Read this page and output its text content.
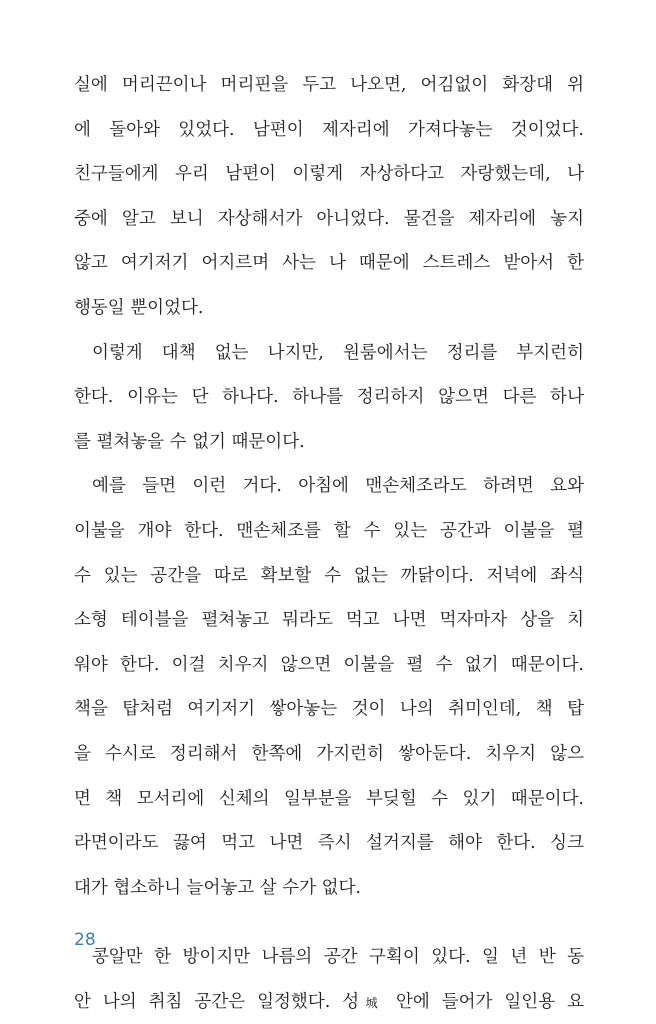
실에 머리끈이나 머리핀을 두고 나오면, 어김없이 화장대 위
에 돌아와 있었다. 남편이 제자리에 가져다놓는 것이었다.
친구들에게 우리 남편이 이렇게 자상하다고 자랑했는데, 나
중에 알고 보니 자상해서가 아니었다. 물건을 제자리에 놓지
않고 여기저기 어지르며 사는 나 때문에 스트레스 받아서 한
행동일 뿐이었다.
이렇게 대책 없는 나지만, 원룸에서는 정리를 부지런히
한다. 이유는 단 하나다. 하나를 정리하지 않으면 다른 하나
를 펼쳐놓을 수 없기 때문이다.
예를 들면 이런 거다. 아침에 맨손체조라도 하려면 요와
이불을 개야 한다. 맨손체조를 할 수 있는 공간과 이불을 펼
수 있는 공간을 따로 확보할 수 없는 까닭이다. 저녁에 좌식
소형 테이블을 펼쳐놓고 뭐라도 먹고 나면 먹자마자 상을 치
워야 한다. 이걸 치우지 않으면 이불을 펼 수 없기 때문이다.
책을 탑처럼 여기저기 쌓아놓는 것이 나의 취미인데, 책 탑
을 수시로 정리해서 한쪽에 가지런히 쌓아둔다. 치우지 않으
면 책 모서리에 신체의 일부분을 부딪힐 수 있기 때문이다.
라면이라도 끓여 먹고 나면 즉시 설거지를 해야 한다. 싱크
대가 협소하니 늘어놓고 살 수가 없다.
콩알만 한 방이지만 나름의 공간 구획이 있다. 일 년 반 동
안 나의 취침 공간은 일정했다. 성城 안에 들어가 일인용 요
28
